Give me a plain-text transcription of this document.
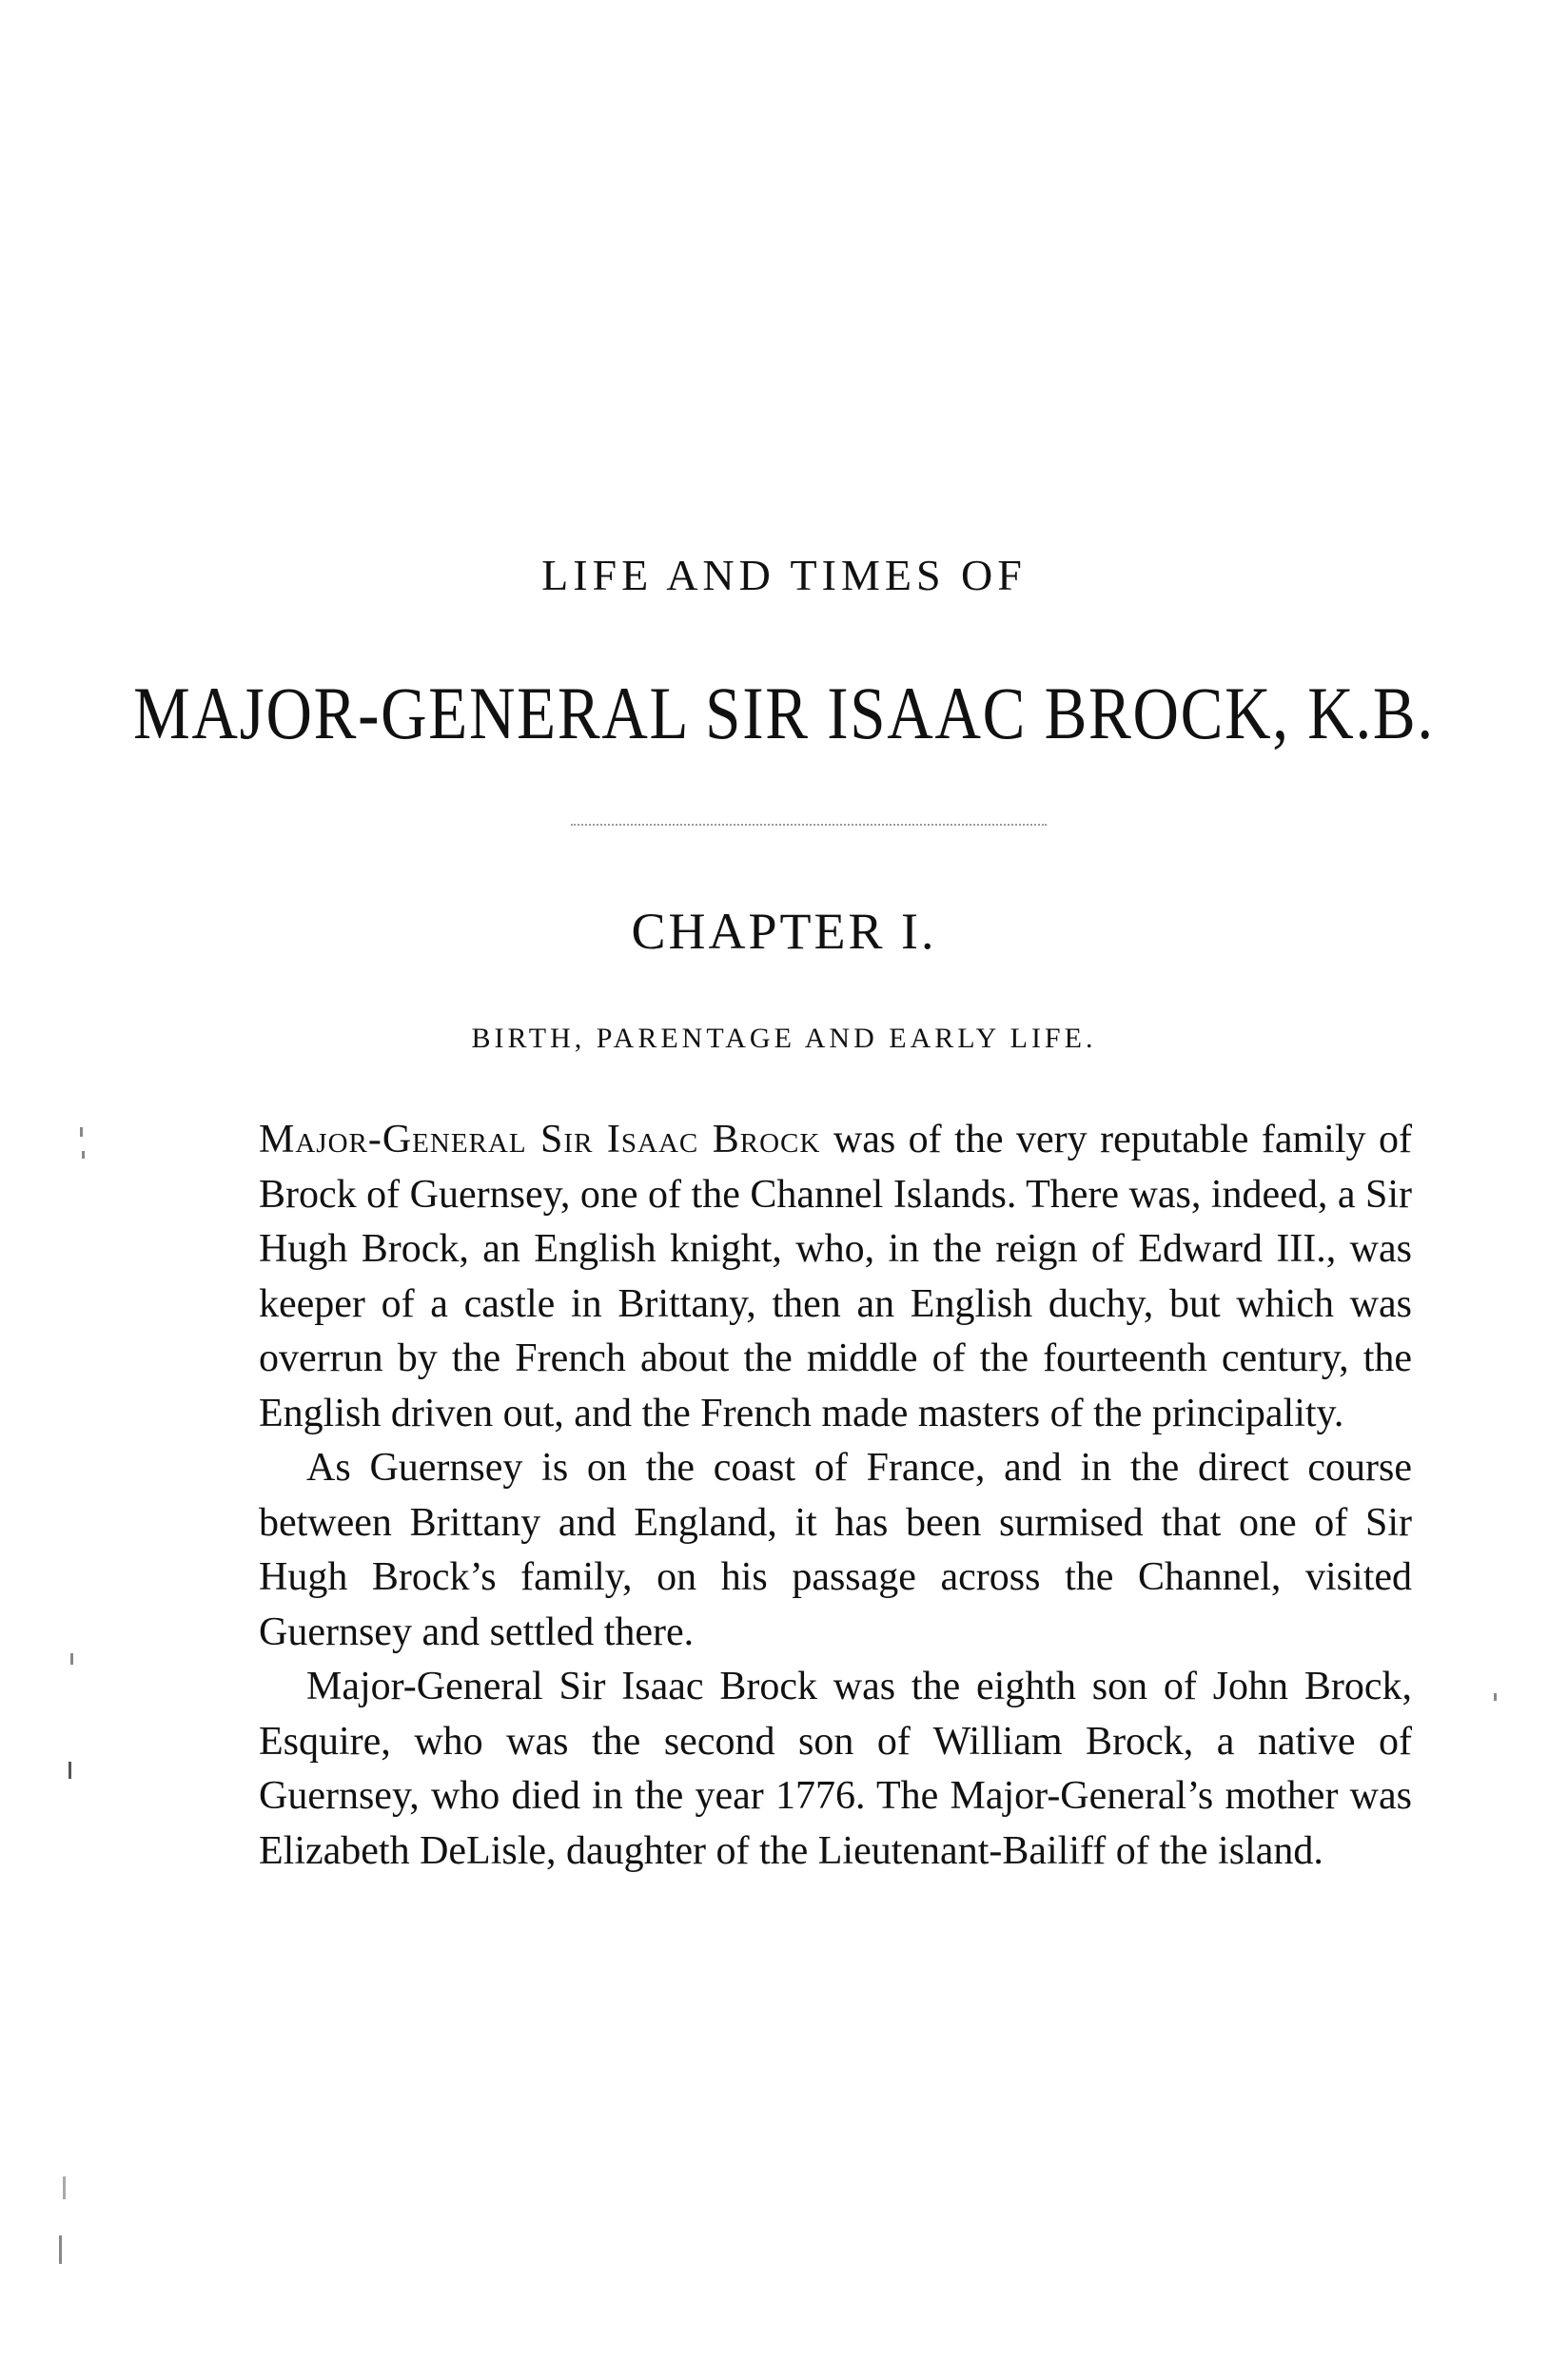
LIFE AND TIMES OF
MAJOR-GENERAL SIR ISAAC BROCK, K.B.
CHAPTER I.
BIRTH, PARENTAGE AND EARLY LIFE.

Major-General Sir Isaac Brock was of the very reputable family of Brock of Guernsey, one of the Channel Islands. There was, indeed, a Sir Hugh Brock, an English knight, who, in the reign of Edward III., was keeper of a castle in Brittany, then an English duchy, but which was overrun by the French about the middle of the fourteenth century, the English driven out, and the French made masters of the principality.

As Guernsey is on the coast of France, and in the direct course between Brittany and England, it has been surmised that one of Sir Hugh Brock’s family, on his passage across the Channel, visited Guernsey and settled there.

Major-General Sir Isaac Brock was the eighth son of John Brock, Esquire, who was the second son of William Brock, a native of Guernsey, who died in the year 1776. The Major-General’s mother was Elizabeth DeLisle, daughter of the Lieutenant-Bailiff of the island.
